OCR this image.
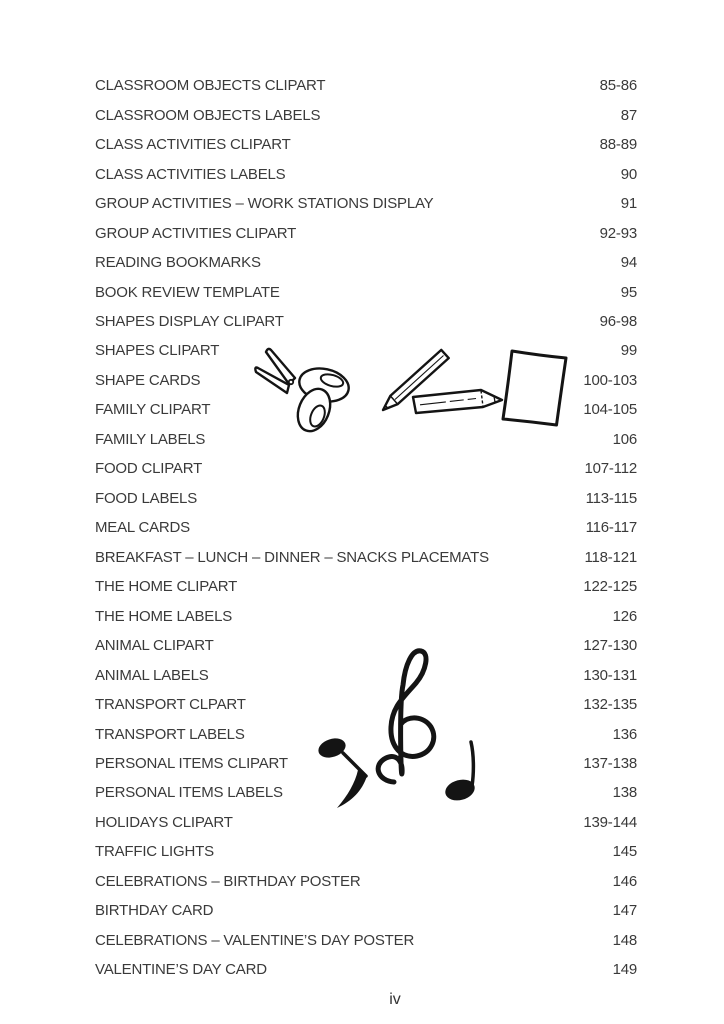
CLASSROOM OBJECTS CLIPART	85-86
CLASSROOM OBJECTS LABELS	87
CLASS ACTIVITIES CLIPART	88-89
CLASS ACTIVITIES LABELS	90
GROUP ACTIVITIES – WORK STATIONS DISPLAY	91
GROUP ACTIVITIES CLIPART	92-93
READING BOOKMARKS	94
BOOK REVIEW TEMPLATE	95
SHAPES DISPLAY CLIPART	96-98
SHAPES CLIPART	99
SHAPE CARDS	100-103
FAMILY CLIPART	104-105
FAMILY LABELS	106
FOOD CLIPART	107-112
FOOD LABELS	113-115
MEAL CARDS	116-117
BREAKFAST – LUNCH – DINNER – SNACKS PLACEMATS	118-121
THE HOME CLIPART	122-125
THE HOME LABELS	126
ANIMAL CLIPART	127-130
ANIMAL LABELS	130-131
TRANSPORT CLPART	132-135
TRANSPORT LABELS	136
PERSONAL ITEMS CLIPART	137-138
PERSONAL ITEMS LABELS	138
HOLIDAYS CLIPART	139-144
TRAFFIC LIGHTS	145
CELEBRATIONS – BIRTHDAY POSTER	146
BIRTHDAY CARD	147
CELEBRATIONS – VALENTINE’S DAY POSTER	148
VALENTINE’S DAY CARD	149
iv
